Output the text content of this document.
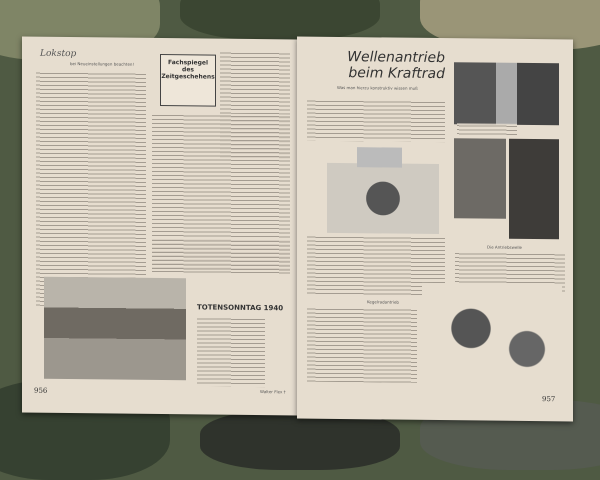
Lokstop
bei Neueinstellungen beachten!	Fachspiegel des Zeitgeschehens
TOTENSONNTAG 1940
Walter Flex †
956
Wellenantrieb
beim Kraftrad
Was man hierzu konstruktiv wissen muß
Die Antriebswelle
Kegelradantrieb
957
